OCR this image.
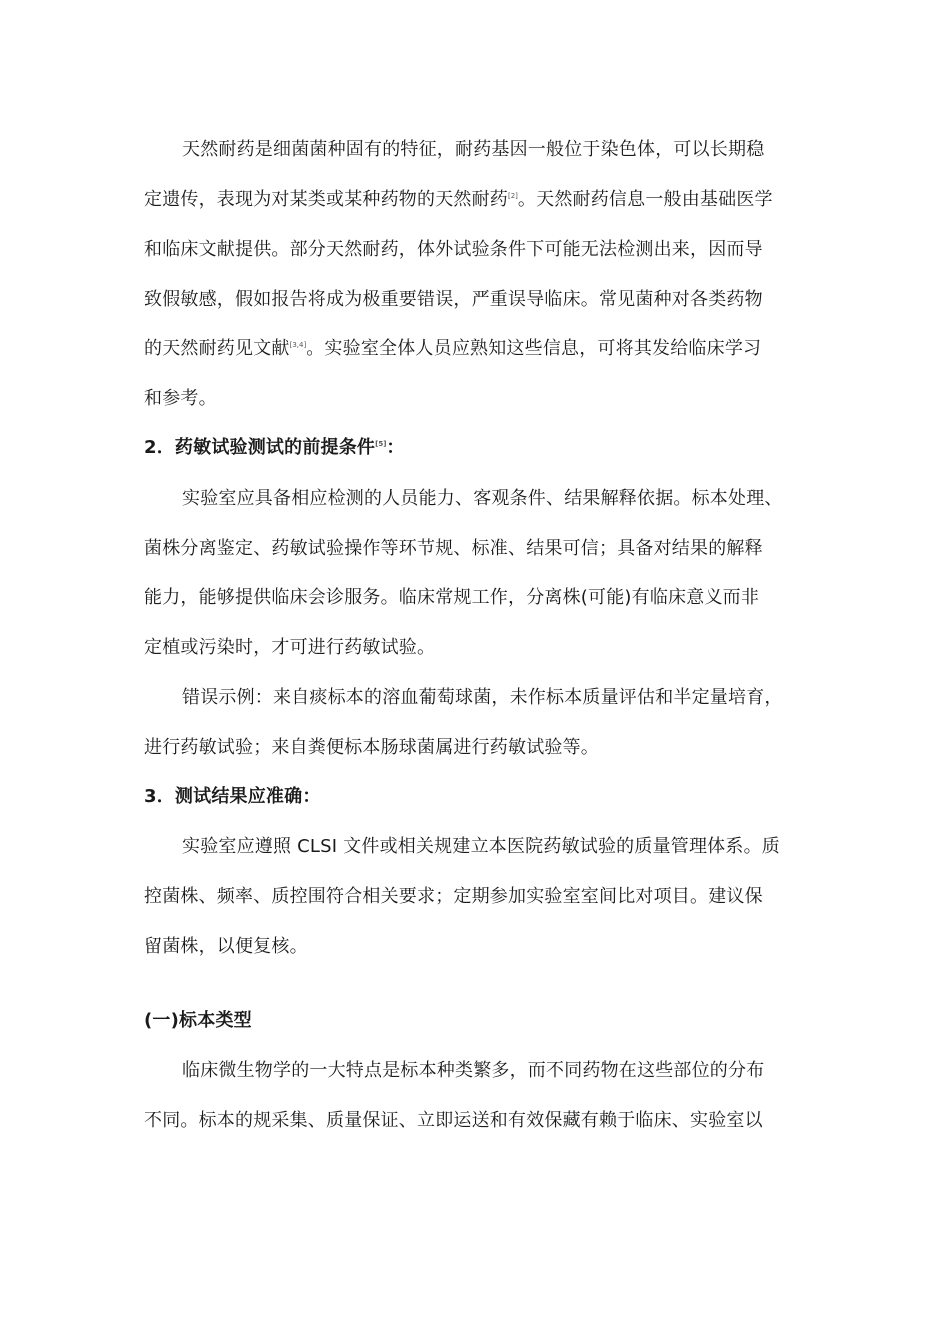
天然耐药是细菌菌种固有的特征，耐药基因一般位于染色体，可以长期稳
定遗传，表现为对某类或某种药物的天然耐药[2]。天然耐药信息一般由基础医学
和临床文献提供。部分天然耐药，体外试验条件下可能无法检测出来，因而导
致假敏感，假如报告将成为极重要错误，严重误导临床。常见菌种对各类药物
的天然耐药见文献[3,4]。实验室全体人员应熟知这些信息，可将其发给临床学习
和参考。
2．药敏试验测试的前提条件[5]：
实验室应具备相应检测的人员能力、客观条件、结果解释依据。标本处理、
菌株分离鉴定、药敏试验操作等环节规、标准、结果可信；具备对结果的解释
能力，能够提供临床会诊服务。临床常规工作，分离株(可能)有临床意义而非
定植或污染时，才可进行药敏试验。
错误示例：来自痰标本的溶血葡萄球菌，未作标本质量评估和半定量培育，
进行药敏试验；来自粪便标本肠球菌属进行药敏试验等。
3．测试结果应准确：
实验室应遵照 CLSI 文件或相关规建立本医院药敏试验的质量管理体系。质
控菌株、频率、质控围符合相关要求；定期参加实验室室间比对项目。建议保
留菌株，以便复核。
(一)标本类型
临床微生物学的一大特点是标本种类繁多，而不同药物在这些部位的分布
不同。标本的规采集、质量保证、立即运送和有效保藏有赖于临床、实验室以
